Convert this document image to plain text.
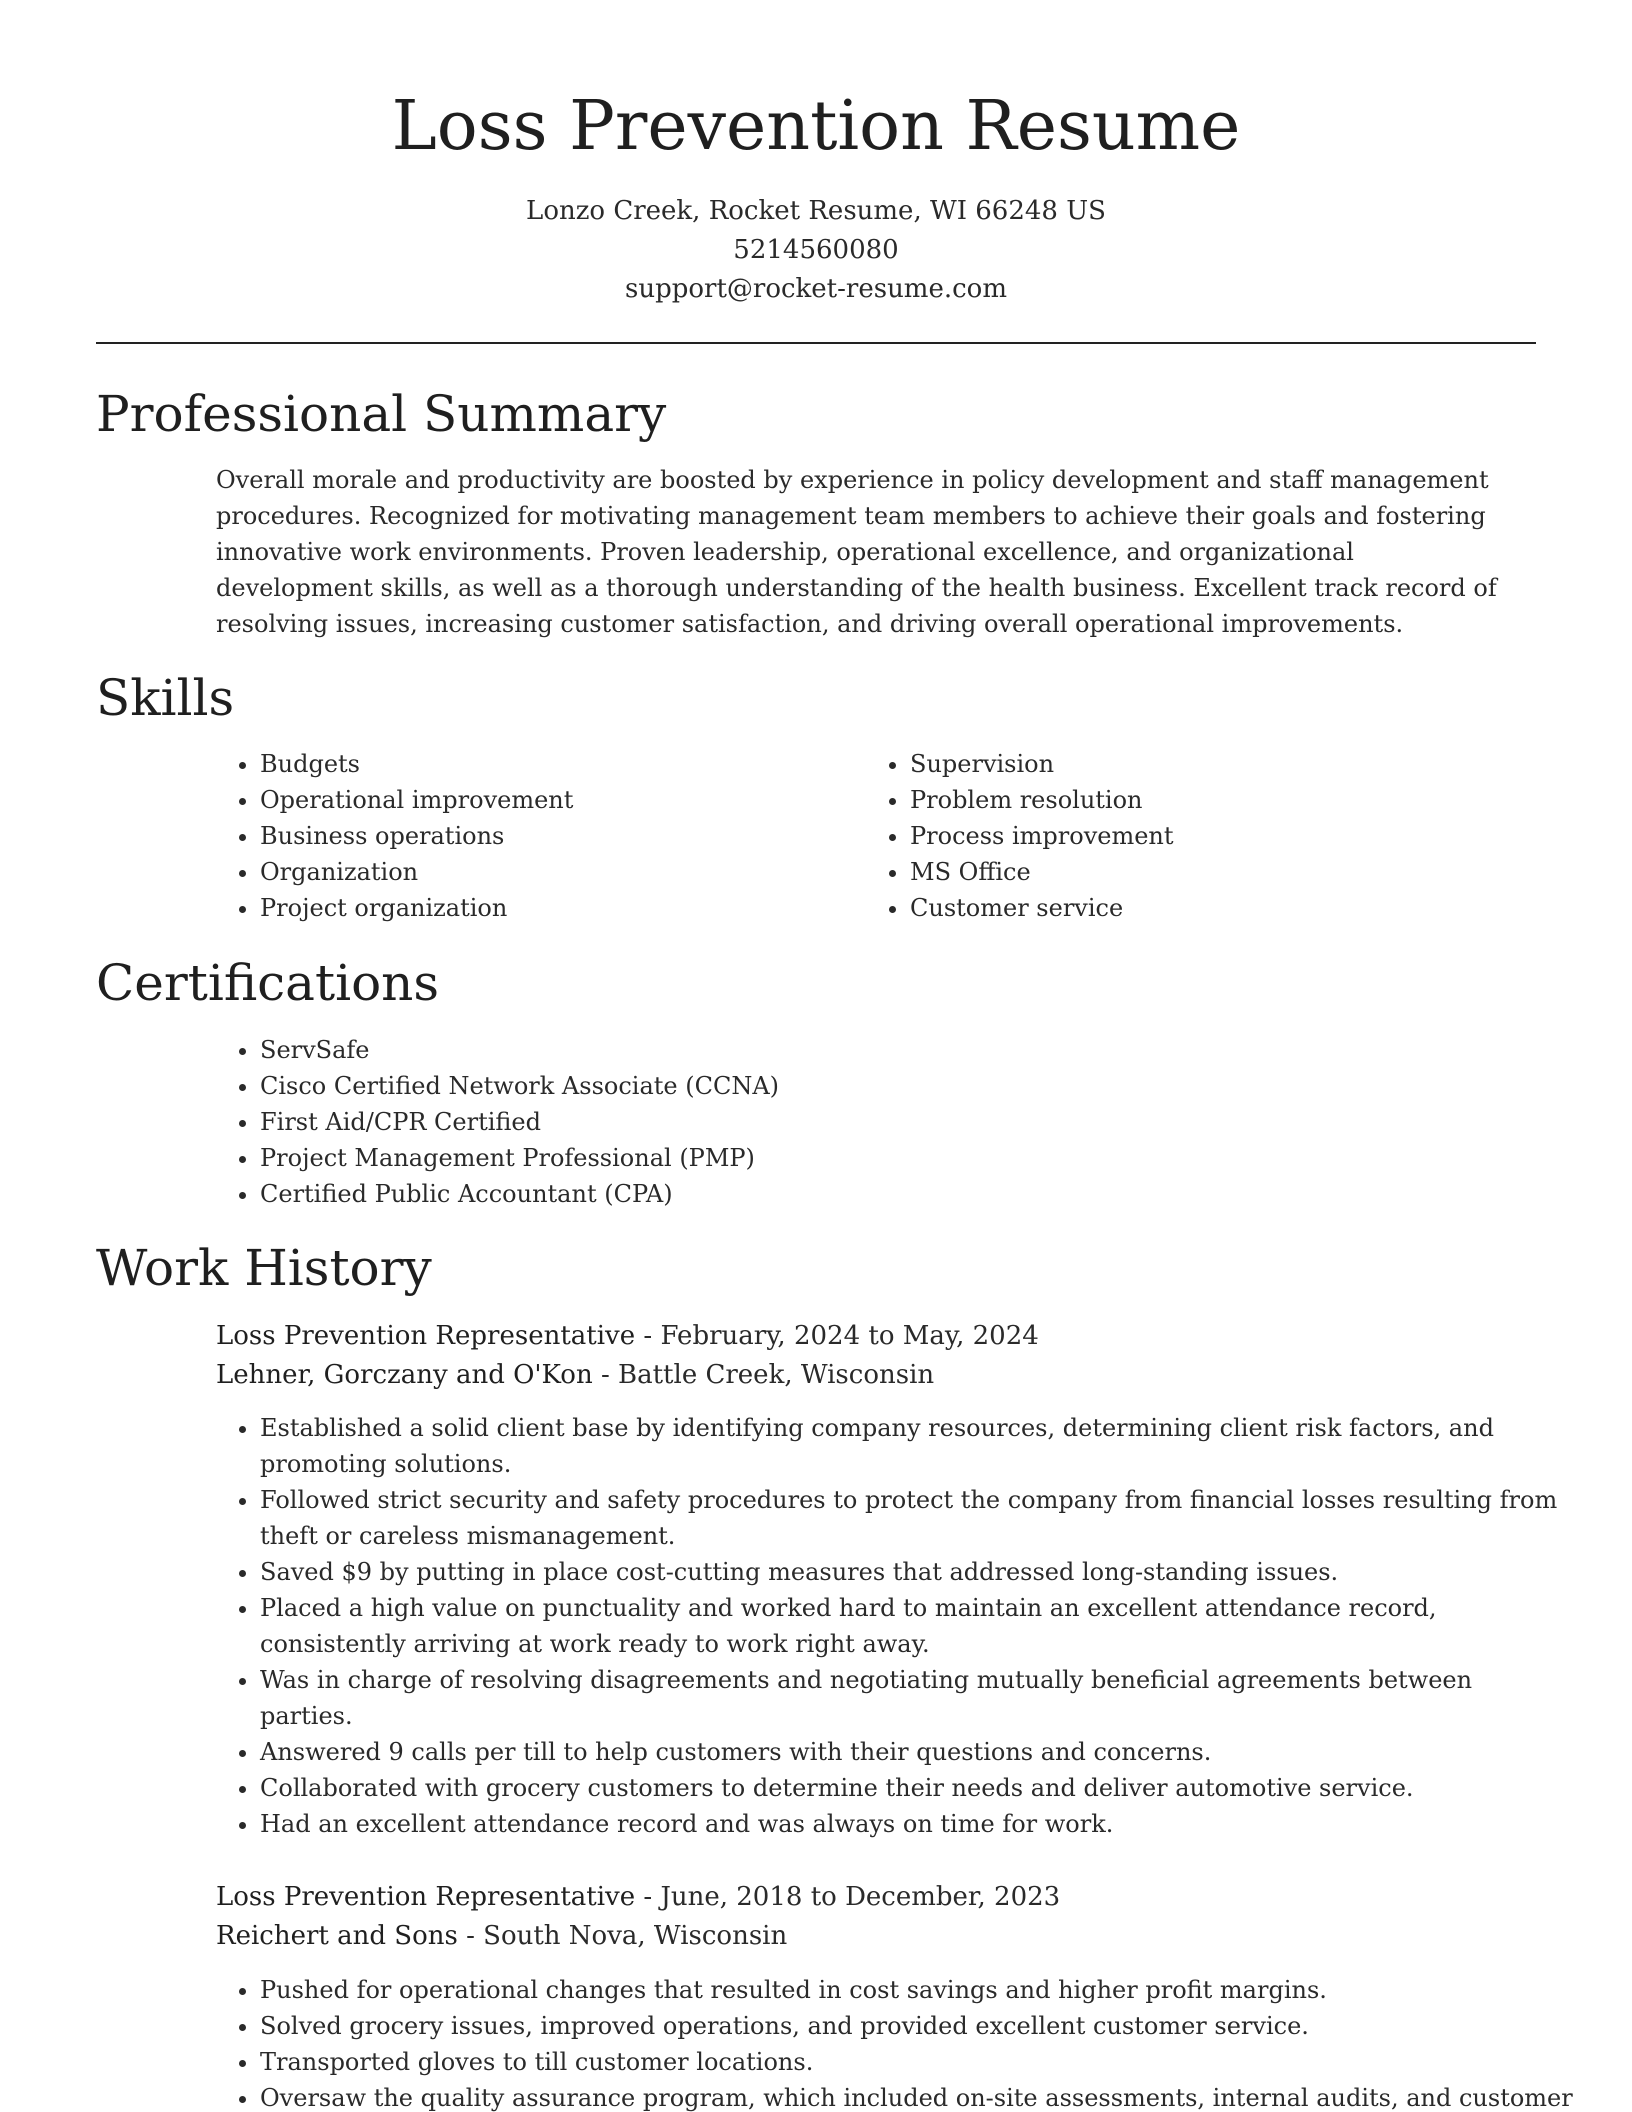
Loss Prevention Resume
Lonzo Creek, Rocket Resume, WI 66248 US
5214560080
support@rocket-resume.com
Professional Summary

Overall morale and productivity are boosted by experience in policy development and staff management procedures. Recognized for motivating management team members to achieve their goals and fostering innovative work environments. Proven leadership, operational excellence, and organizational development skills, as well as a thorough understanding of the health business. Excellent track record of resolving issues, increasing customer satisfaction, and driving overall operational improvements.

Skills
• Budgets
• Operational improvement
• Business operations
• Organization
• Project organization
• Supervision
• Problem resolution
• Process improvement
• MS Office
• Customer service
Certifications
• ServSafe
• Cisco Certified Network Associate (CCNA)
• First Aid/CPR Certified
• Project Management Professional (PMP)
• Certified Public Accountant (CPA)
Work History
Loss Prevention Representative - February, 2024 to May, 2024
Lehner, Gorczany and O'Kon - Battle Creek, Wisconsin
• Established a solid client base by identifying company resources, determining client risk factors, and promoting solutions.
• Followed strict security and safety procedures to protect the company from financial losses resulting from theft or careless mismanagement.
• Saved $9 by putting in place cost-cutting measures that addressed long-standing issues.
• Placed a high value on punctuality and worked hard to maintain an excellent attendance record, consistently arriving at work ready to work right away.
• Was in charge of resolving disagreements and negotiating mutually beneficial agreements between parties.
• Answered 9 calls per till to help customers with their questions and concerns.
• Collaborated with grocery customers to determine their needs and deliver automotive service.
• Had an excellent attendance record and was always on time for work.
Loss Prevention Representative - June, 2018 to December, 2023
Reichert and Sons - South Nova, Wisconsin
• Pushed for operational changes that resulted in cost savings and higher profit margins.
• Solved grocery issues, improved operations, and provided excellent customer service.
• Transported gloves to till customer locations.
• Oversaw the quality assurance program, which included on-site assessments, internal audits, and customer
